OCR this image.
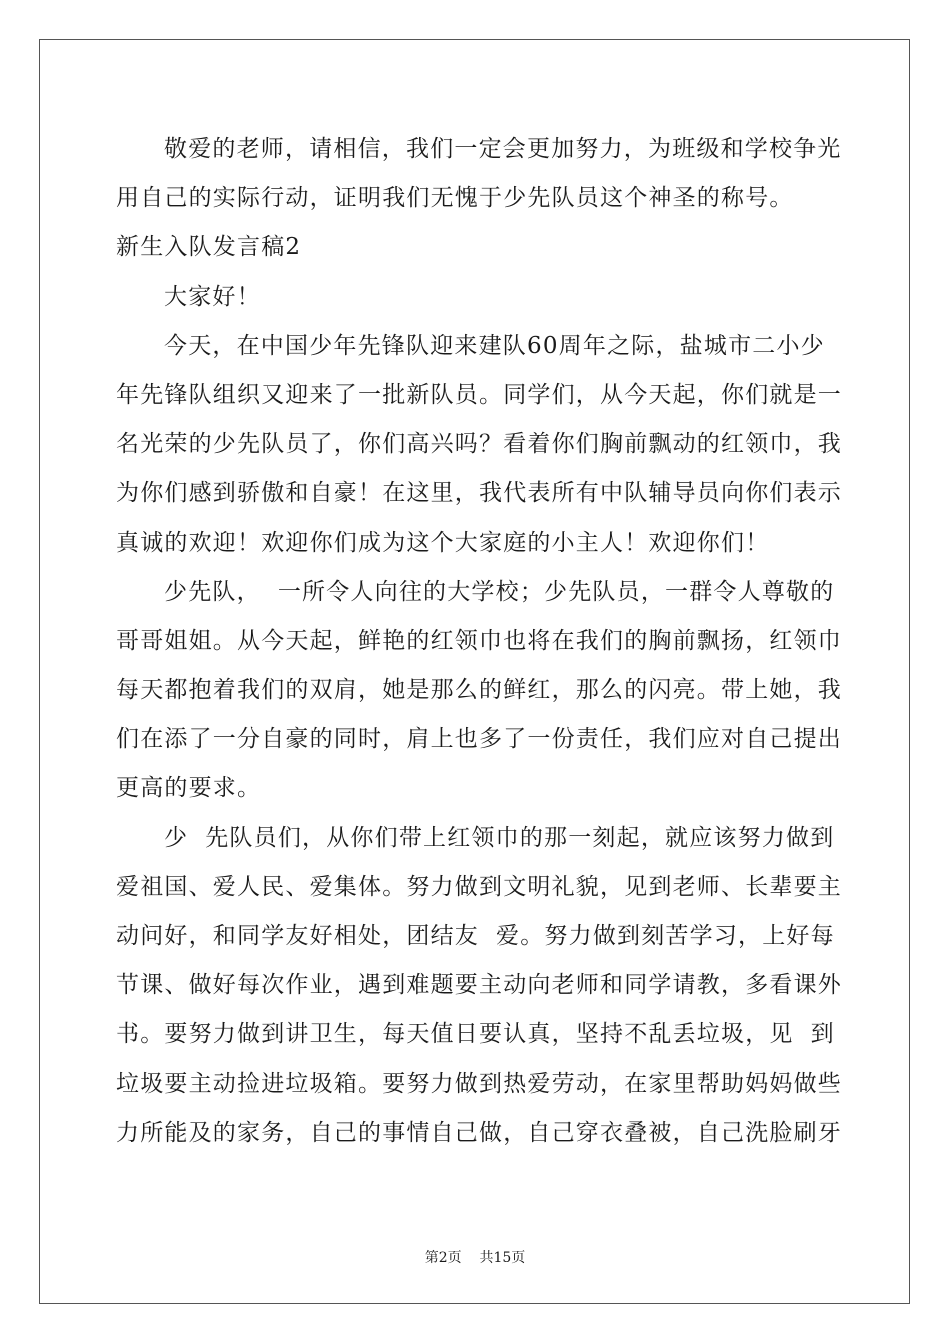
敬爱的老师，请相信，我们一定会更加努力，为班级和学校争光
用自己的实际行动，证明我们无愧于少先队员这个神圣的称号。
新生入队发言稿2
大家好！
今天，在中国少年先锋队迎来建队60周年之际，盐城市二小少
年先锋队组织又迎来了一批新队员。同学们，从今天起，你们就是一
名光荣的少先队员了，你们高兴吗？看着你们胸前飘动的红领巾，我
为你们感到骄傲和自豪！在这里，我代表所有中队辅导员向你们表示
真诚的欢迎！欢迎你们成为这个大家庭的小主人！欢迎你们！
少先队，  一所令人向往的大学校；少先队员，一群令人尊敬的
哥哥姐姐。从今天起，鲜艳的红领巾也将在我们的胸前飘扬，红领巾
每天都抱着我们的双肩，她是那么的鲜红，那么的闪亮。带上她，我
们在添了一分自豪的同时，肩上也多了一份责任，我们应对自己提出
更高的要求。
少  先队员们，从你们带上红领巾的那一刻起，就应该努力做到
爱祖国、爱人民、爱集体。努力做到文明礼貌，见到老师、长辈要主
动问好，和同学友好相处，团结友  爱。努力做到刻苦学习，上好每
节课、做好每次作业，遇到难题要主动向老师和同学请教，多看课外
书。要努力做到讲卫生，每天值日要认真，坚持不乱丢垃圾，见  到
垃圾要主动捡进垃圾箱。要努力做到热爱劳动，在家里帮助妈妈做些
力所能及的家务，自己的事情自己做，自己穿衣叠被，自己洗脸刷牙
第2页    共15页
